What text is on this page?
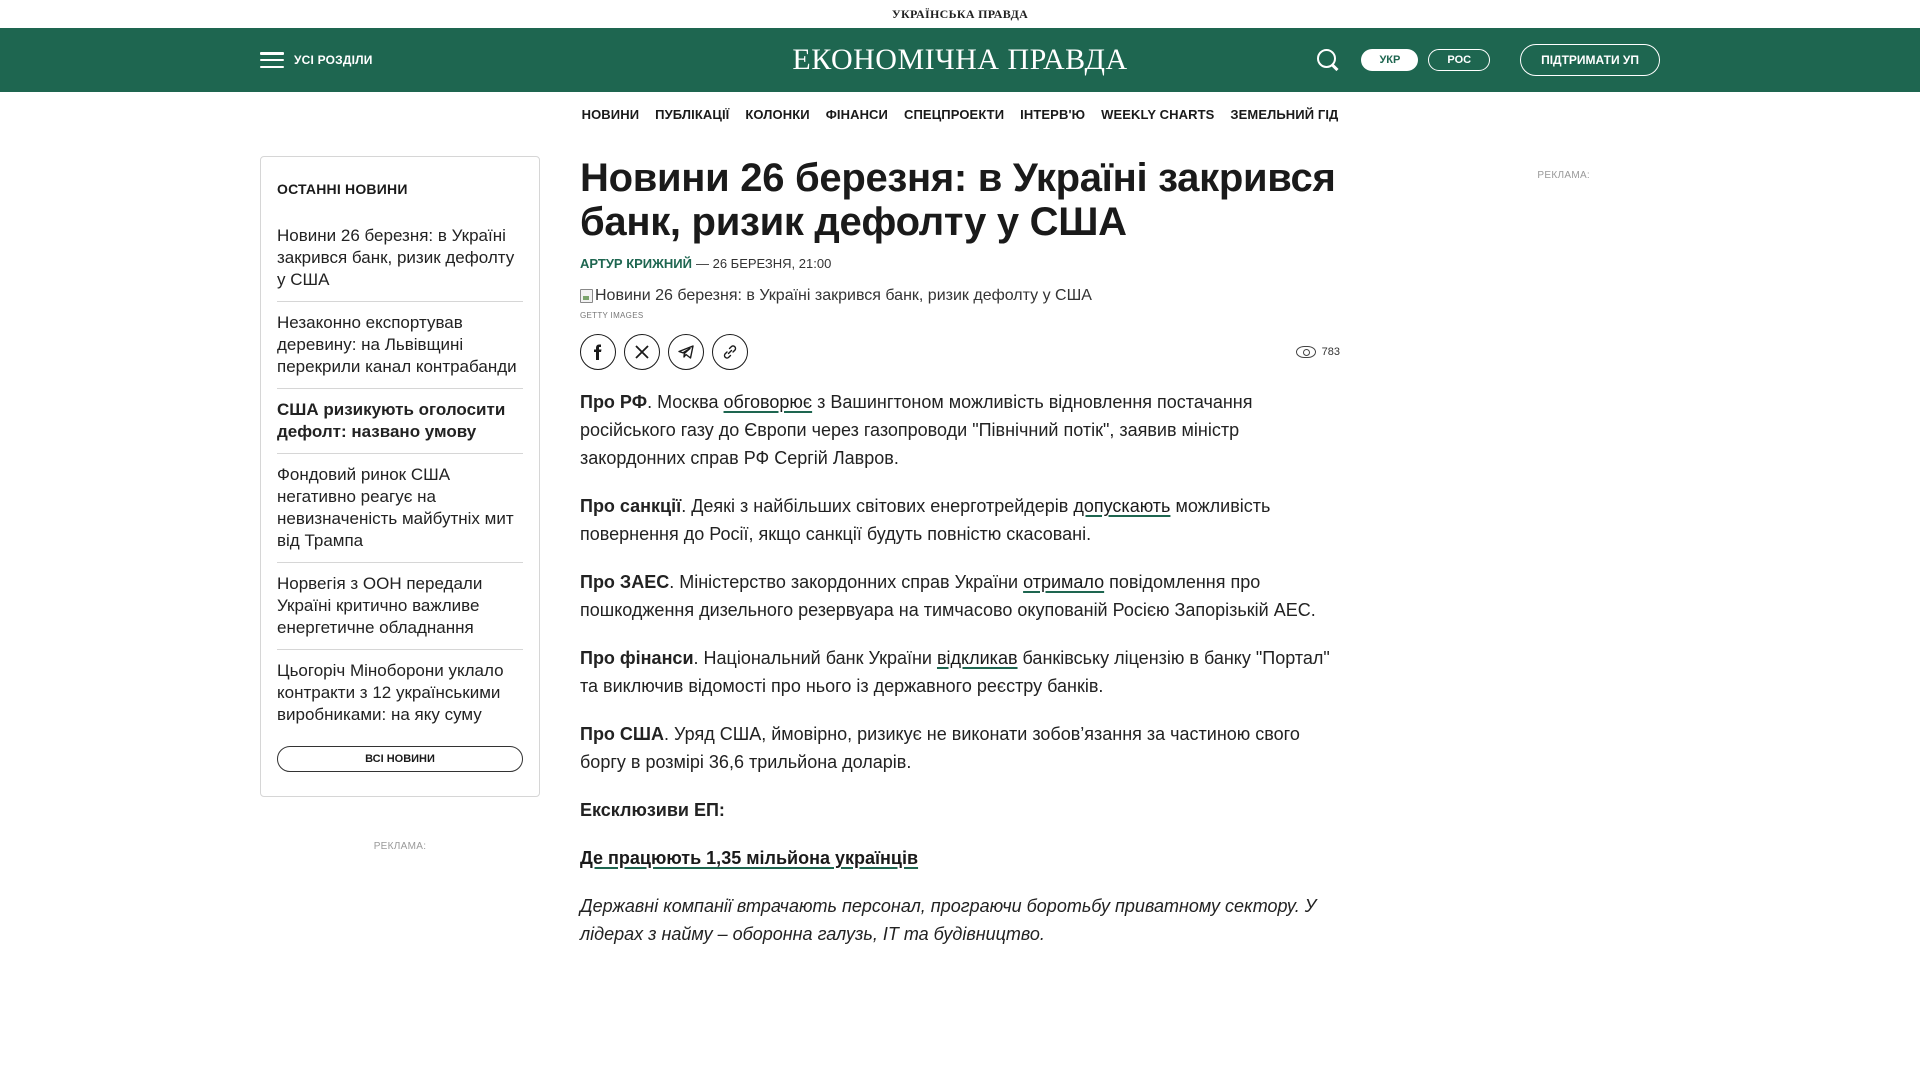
УКРАЇНСЬКА ПРАВДА
УСІ РОЗДІЛИ	ЕКОНОМІЧНА ПРАВДА	УКР	РОС	ПІДТРИМАТИ УП
НОВИНИ ПУБЛІКАЦІЇ КОЛОНКИ ФІНАНСИ СПЕЦПРОЕКТИ ІНТЕРВ'Ю WEEKLY CHARTS ЗЕМЕЛЬНИЙ ГІД
ОСТАННІ НОВИНИ
Новини 26 березня: в Україні закрився банк, ризик дефолту у США
Незаконно експортував деревину: на Львівщині перекрили канал контрабанди
США ризикують оголосити дефолт: названо умову
Фондовий ринок США негативно реагує на невизначеність майбутніх мит від Трампа
Норвегія з ООН передали Україні критично важливе енергетичне обладнання
Цьогоріч Міноборони уклало контракти з 12 українськими виробниками: на яку суму
ВСІ НОВИНИ
РЕКЛАМА:
Новини 26 березня: в Україні закрився банк, ризик дефолту у США
АРТУР КРИЖНИЙ — 26 БЕРЕЗНЯ, 21:00
Новини 26 березня: в Україні закрився банк, ризик дефолту у США
GETTY IMAGES
783

Про РФ. Москва обговорює з Вашингтоном можливість відновлення постачання російського газу до Європи через газопроводи "Північний потік", заявив міністр закордонних справ РФ Сергій Лавров.

Про санкції. Деякі з найбільших світових енерготрейдерів допускають можливість повернення до Росії, якщо санкції будуть повністю скасовані.

Про ЗАЕС. Міністерство закордонних справ України отримало повідомлення про пошкодження дизельного резервуара на тимчасово окупованій Росією Запорізькій АЕС.

Про фінанси. Національний банк України відкликав банківську ліцензію в банку "Портал" та виключив відомості про нього із державного реєстру банків.

Про США. Уряд США, ймовірно, ризикує не виконати зобов’язання за частиною свого боргу в розмірі 36,6 трильйона доларів.

Ексклюзиви ЕП:

Де працюють 1,35 мільйона українців

Державні компанії втрачають персонал, програючи боротьбу приватному сектору. У лідерах з найму – оборонна галузь, IT та будівництво.

РЕКЛАМА:
